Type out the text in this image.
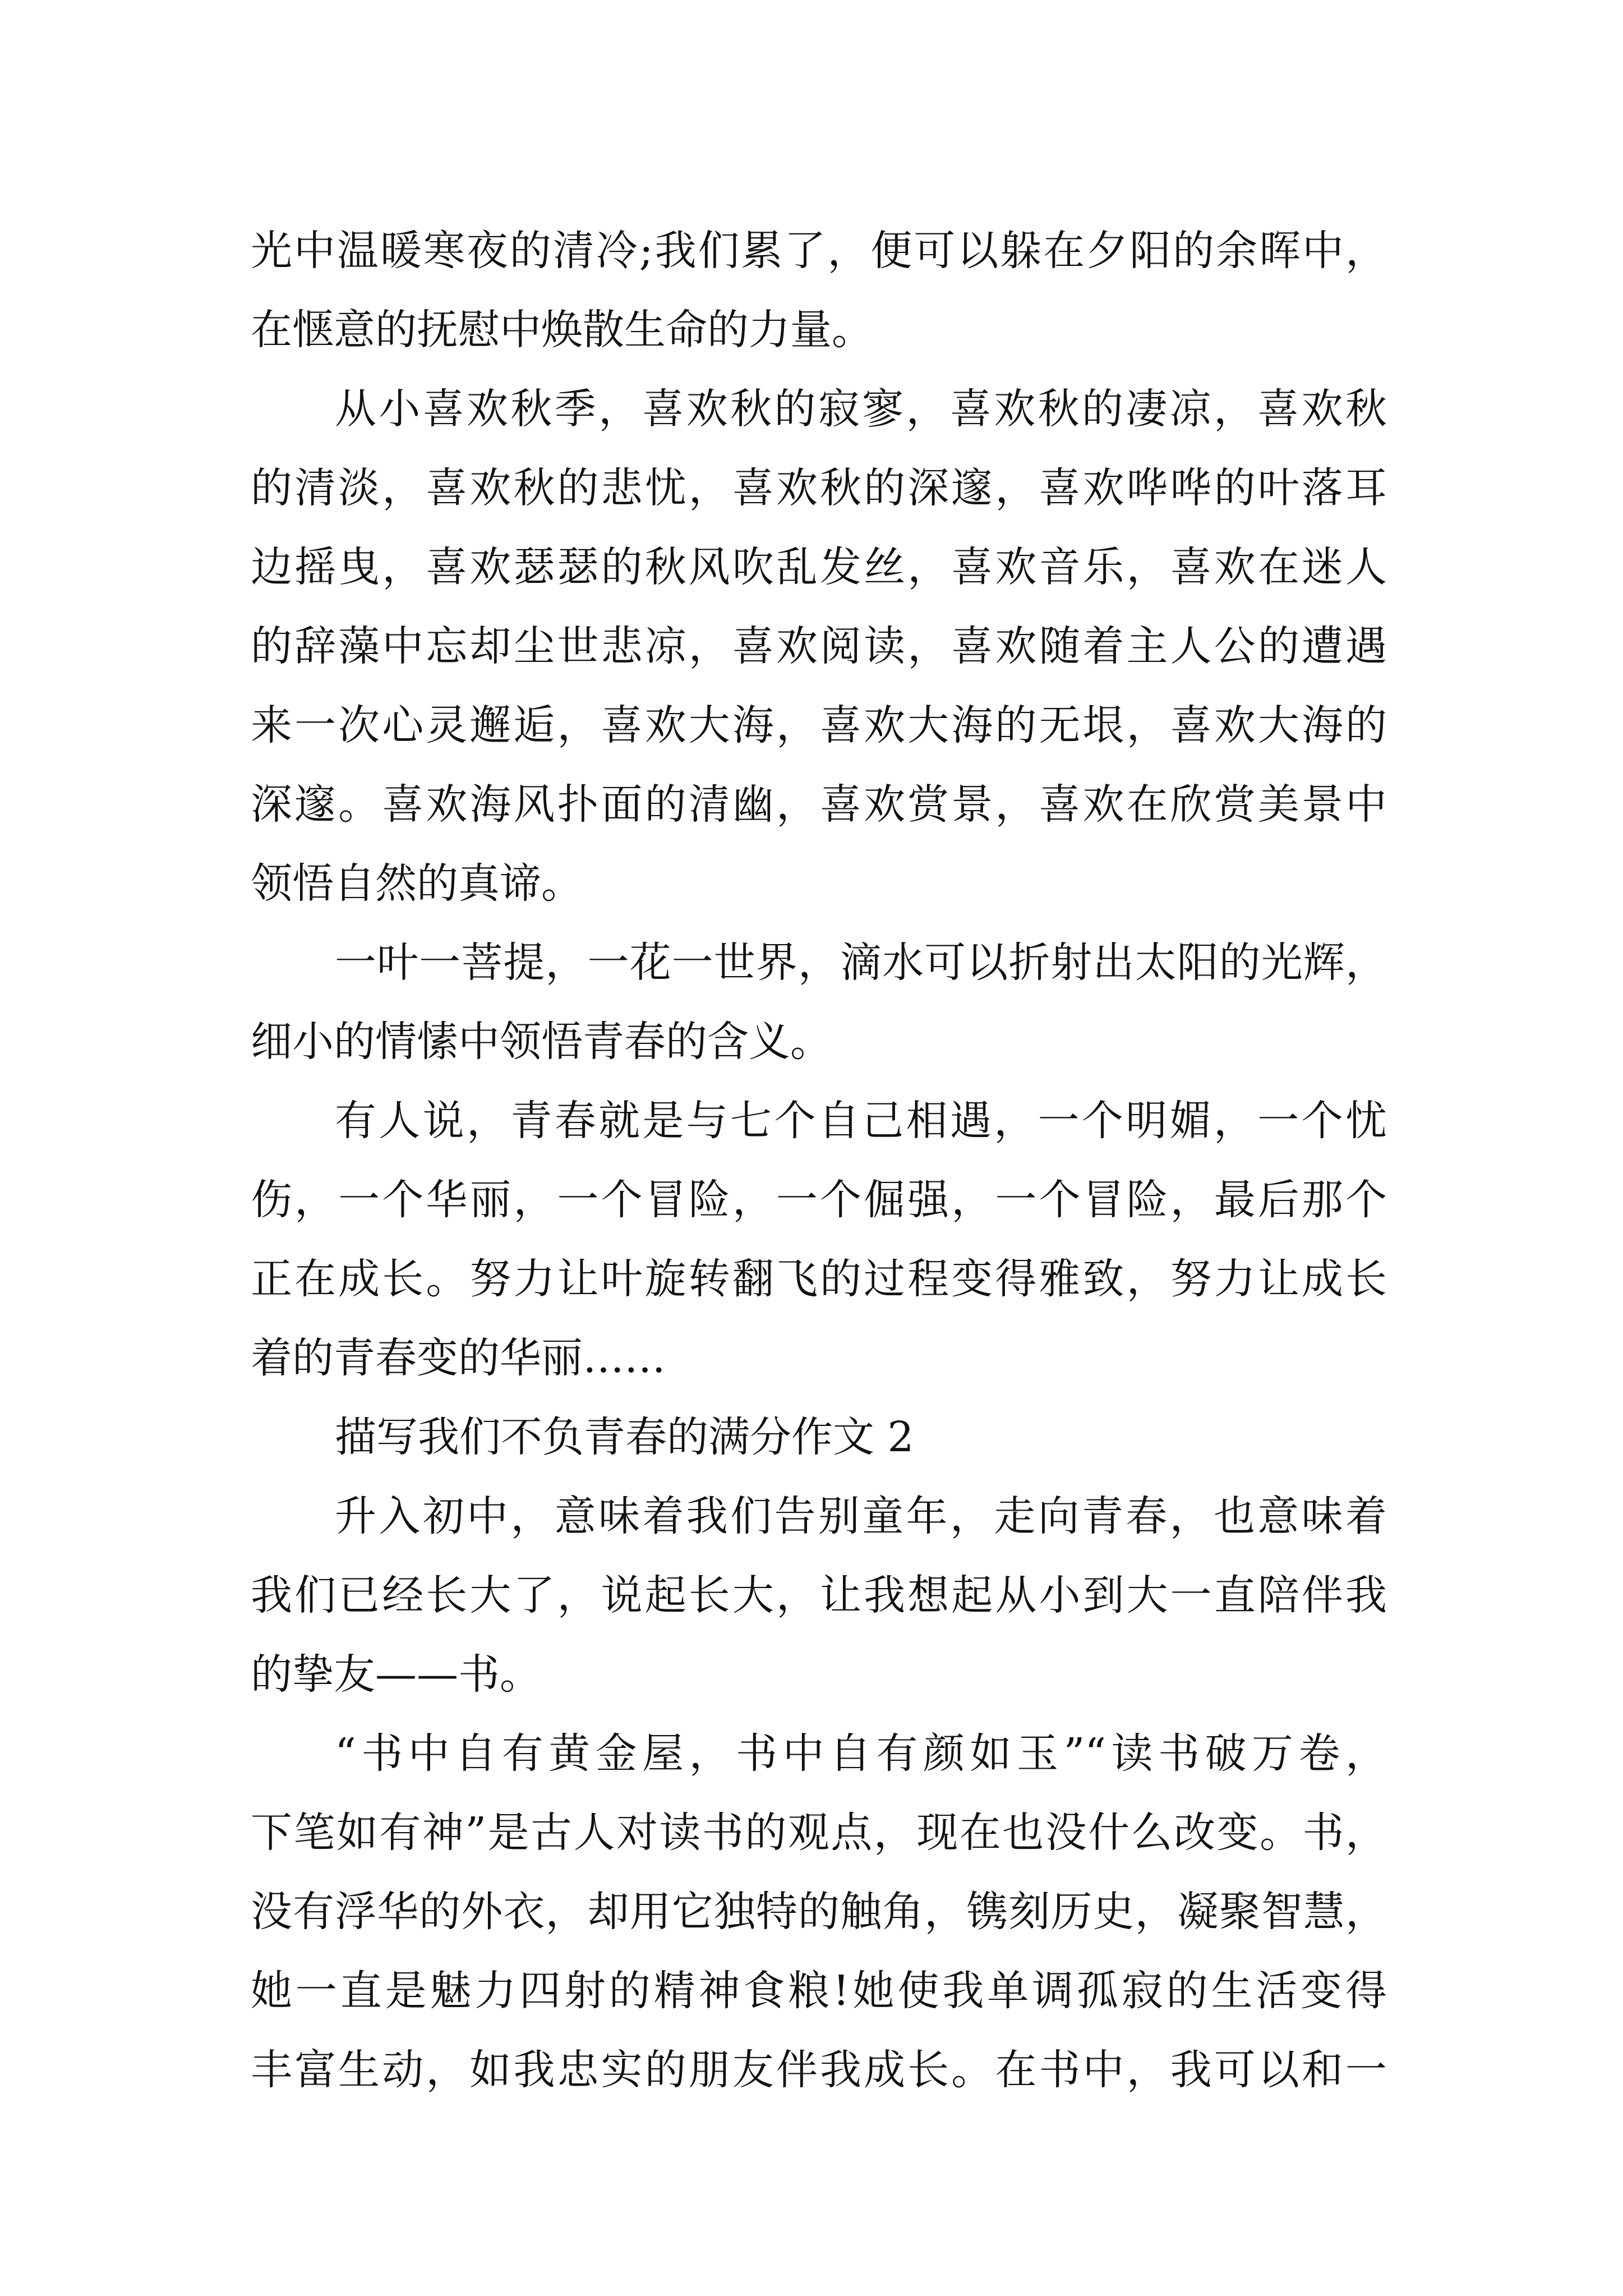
光中温暖寒夜的清冷;我们累了，便可以躲在夕阳的余晖中，
在惬意的抚慰中焕散生命的力量。
从小喜欢秋季，喜欢秋的寂寥，喜欢秋的凄凉，喜欢秋
的清淡，喜欢秋的悲忧，喜欢秋的深邃，喜欢哗哗的叶落耳
边摇曳，喜欢瑟瑟的秋风吹乱发丝，喜欢音乐，喜欢在迷人
的辞藻中忘却尘世悲凉，喜欢阅读，喜欢随着主人公的遭遇
来一次心灵邂逅，喜欢大海，喜欢大海的无垠，喜欢大海的
深邃。喜欢海风扑面的清幽，喜欢赏景，喜欢在欣赏美景中
领悟自然的真谛。
一叶一菩提，一花一世界，滴水可以折射出太阳的光辉，
细小的情愫中领悟青春的含义。
有人说，青春就是与七个自己相遇，一个明媚，一个忧
伤，一个华丽，一个冒险，一个倔强，一个冒险，最后那个
正在成长。努力让叶旋转翻飞的过程变得雅致，努力让成长
着的青春变的华丽……
描写我们不负青春的满分作文 2
升入初中，意味着我们告别童年，走向青春，也意味着
我们已经长大了，说起长大，让我想起从小到大一直陪伴我
的挚友——书。
“书中自有黄金屋，书中自有颜如玉”“读书破万卷，
下笔如有神”是古人对读书的观点，现在也没什么改变。书，
没有浮华的外衣，却用它独特的触角，镌刻历史，凝聚智慧，
她一直是魅力四射的精神食粮!她使我单调孤寂的生活变得
丰富生动，如我忠实的朋友伴我成长。在书中，我可以和一
